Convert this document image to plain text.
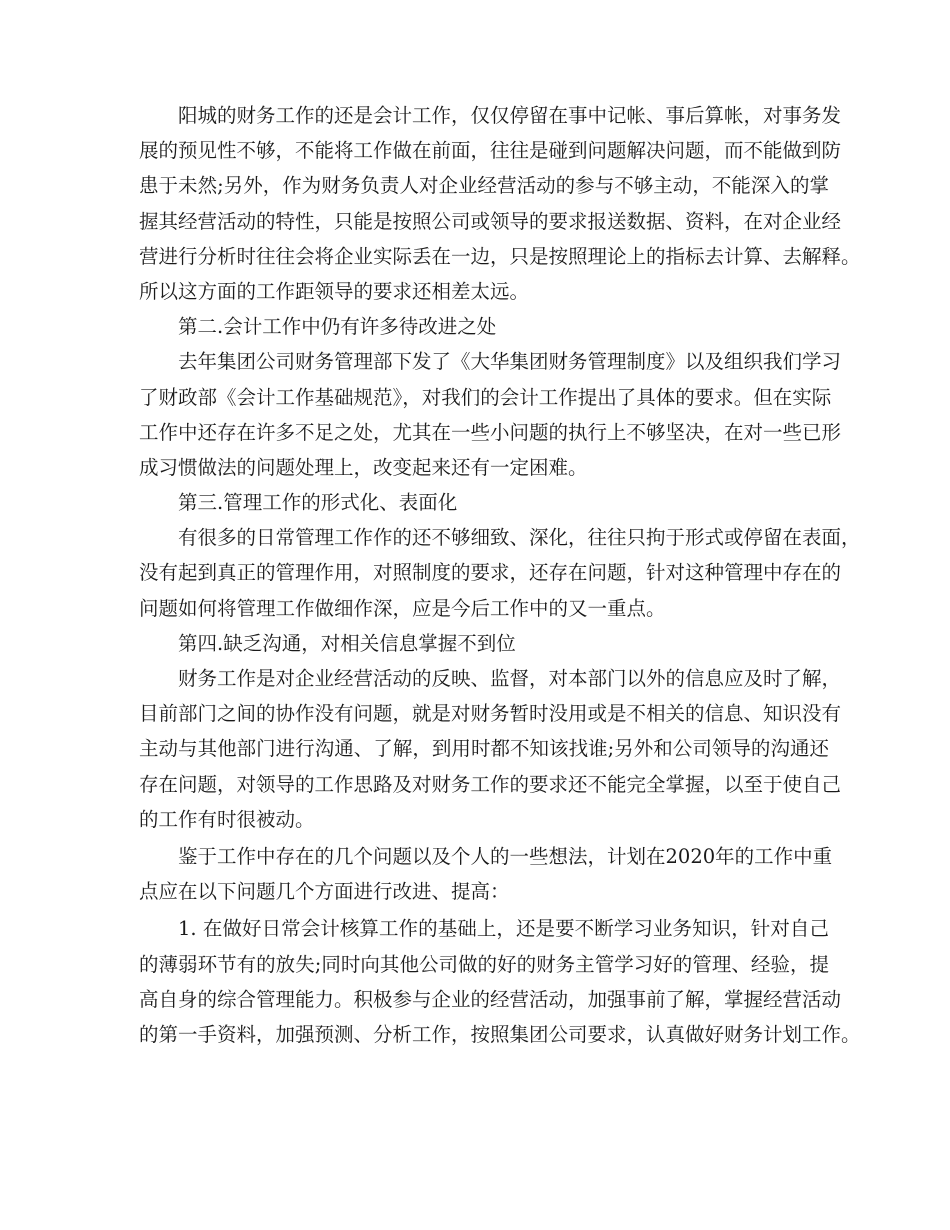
阳城的财务工作的还是会计工作，仅仅停留在事中记帐、事后算帐，对事务发
展的预见性不够，不能将工作做在前面，往往是碰到问题解决问题，而不能做到防
患于未然;另外，作为财务负责人对企业经营活动的参与不够主动，不能深入的掌
握其经营活动的特性，只能是按照公司或领导的要求报送数据、资料，在对企业经
营进行分析时往往会将企业实际丢在一边，只是按照理论上的指标去计算、去解释。
所以这方面的工作距领导的要求还相差太远。
第二.会计工作中仍有许多待改进之处
去年集团公司财务管理部下发了《大华集团财务管理制度》以及组织我们学习
了财政部《会计工作基础规范》，对我们的会计工作提出了具体的要求。但在实际
工作中还存在许多不足之处，尤其在一些小问题的执行上不够坚决，在对一些已形
成习惯做法的问题处理上，改变起来还有一定困难。
第三.管理工作的形式化、表面化
有很多的日常管理工作作的还不够细致、深化，往往只拘于形式或停留在表面，
没有起到真正的管理作用，对照制度的要求，还存在问题，针对这种管理中存在的
问题如何将管理工作做细作深，应是今后工作中的又一重点。
第四.缺乏沟通，对相关信息掌握不到位
财务工作是对企业经营活动的反映、监督，对本部门以外的信息应及时了解，
目前部门之间的协作没有问题，就是对财务暂时没用或是不相关的信息、知识没有
主动与其他部门进行沟通、了解，到用时都不知该找谁;另外和公司领导的沟通还
存在问题，对领导的工作思路及对财务工作的要求还不能完全掌握，以至于使自己
的工作有时很被动。
鉴于工作中存在的几个问题以及个人的一些想法，计划在2020年的工作中重
点应在以下问题几个方面进行改进、提高：
1. 在做好日常会计核算工作的基础上，还是要不断学习业务知识，针对自己
的薄弱环节有的放失;同时向其他公司做的好的财务主管学习好的管理、经验，提
高自身的综合管理能力。积极参与企业的经营活动，加强事前了解，掌握经营活动
的第一手资料，加强预测、分析工作，按照集团公司要求，认真做好财务计划工作。
